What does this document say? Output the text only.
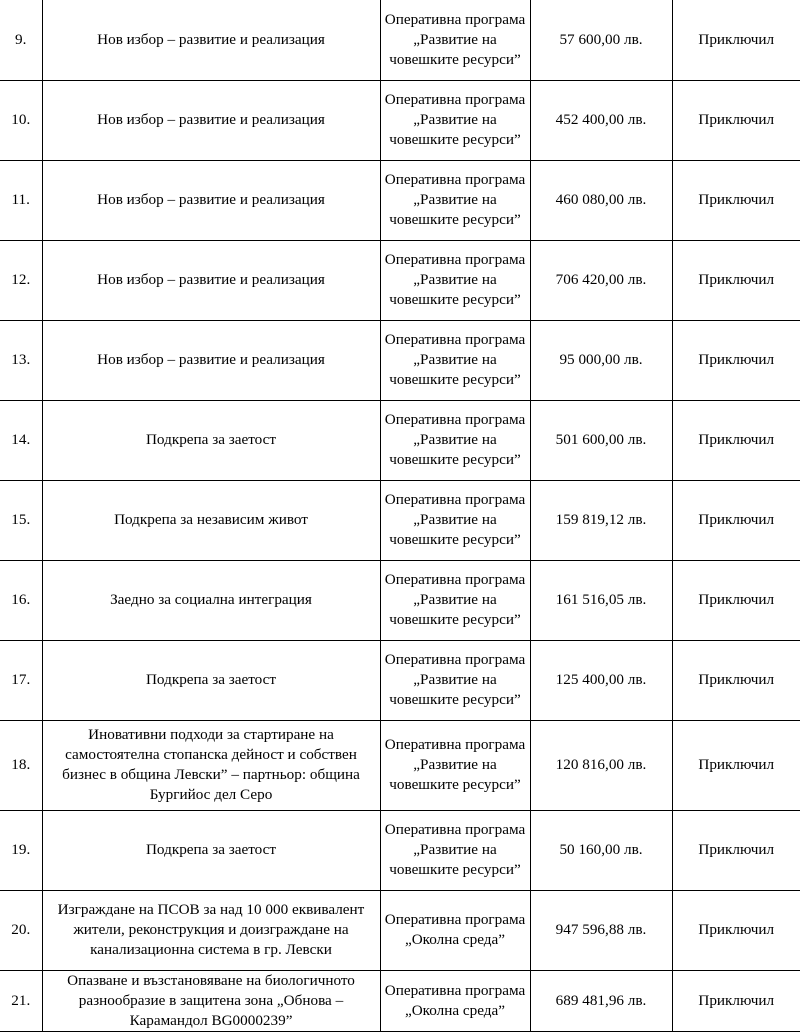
9.	Нов избор – развитие и реализация	Оперативна програма „Развитие на човешките ресурси”	57 600,00 лв.	Приключил
10.	Нов избор – развитие и реализация	Оперативна програма „Развитие на човешките ресурси”	452 400,00 лв.	Приключил
11.	Нов избор – развитие и реализация	Оперативна програма „Развитие на човешките ресурси”	460 080,00 лв.	Приключил
12.	Нов избор – развитие и реализация	Оперативна програма „Развитие на човешките ресурси”	706 420,00 лв.	Приключил
13.	Нов избор – развитие и реализация	Оперативна програма „Развитие на човешките ресурси”	95 000,00 лв.	Приключил
14.	Подкрепа за заетост	Оперативна програма „Развитие на човешките ресурси”	501 600,00 лв.	Приключил
15.	Подкрепа за независим живот	Оперативна програма „Развитие на човешките ресурси”	159 819,12 лв.	Приключил
16.	Заедно за социална интеграция	Оперативна програма „Развитие на човешките ресурси”	161 516,05 лв.	Приключил
17.	Подкрепа за заетост	Оперативна програма „Развитие на човешките ресурси”	125 400,00 лв.	Приключил
18.	Иновативни подходи за стартиране на самостоятелна стопанска дейност и собствен бизнес в община Левски” – партньор: община Бургийос дел Серо	Оперативна програма „Развитие на човешките ресурси”	120 816,00 лв.	Приключил
19.	Подкрепа за заетост	Оперативна програма „Развитие на човешките ресурси”	50 160,00 лв.	Приключил
20.	Изграждане на ПСОВ за над 10 000 еквивалент жители, реконструкция и доизграждане на канализационна система в гр. Левски	Оперативна програма „Околна среда”	947 596,88 лв.	Приключил
21.	Опазване и възстановяване на биологичното разнообразие в защитена зона „Обнова – Карамандол BG0000239”	Оперативна програма „Околна среда”	689 481,96 лв.	Приключил
